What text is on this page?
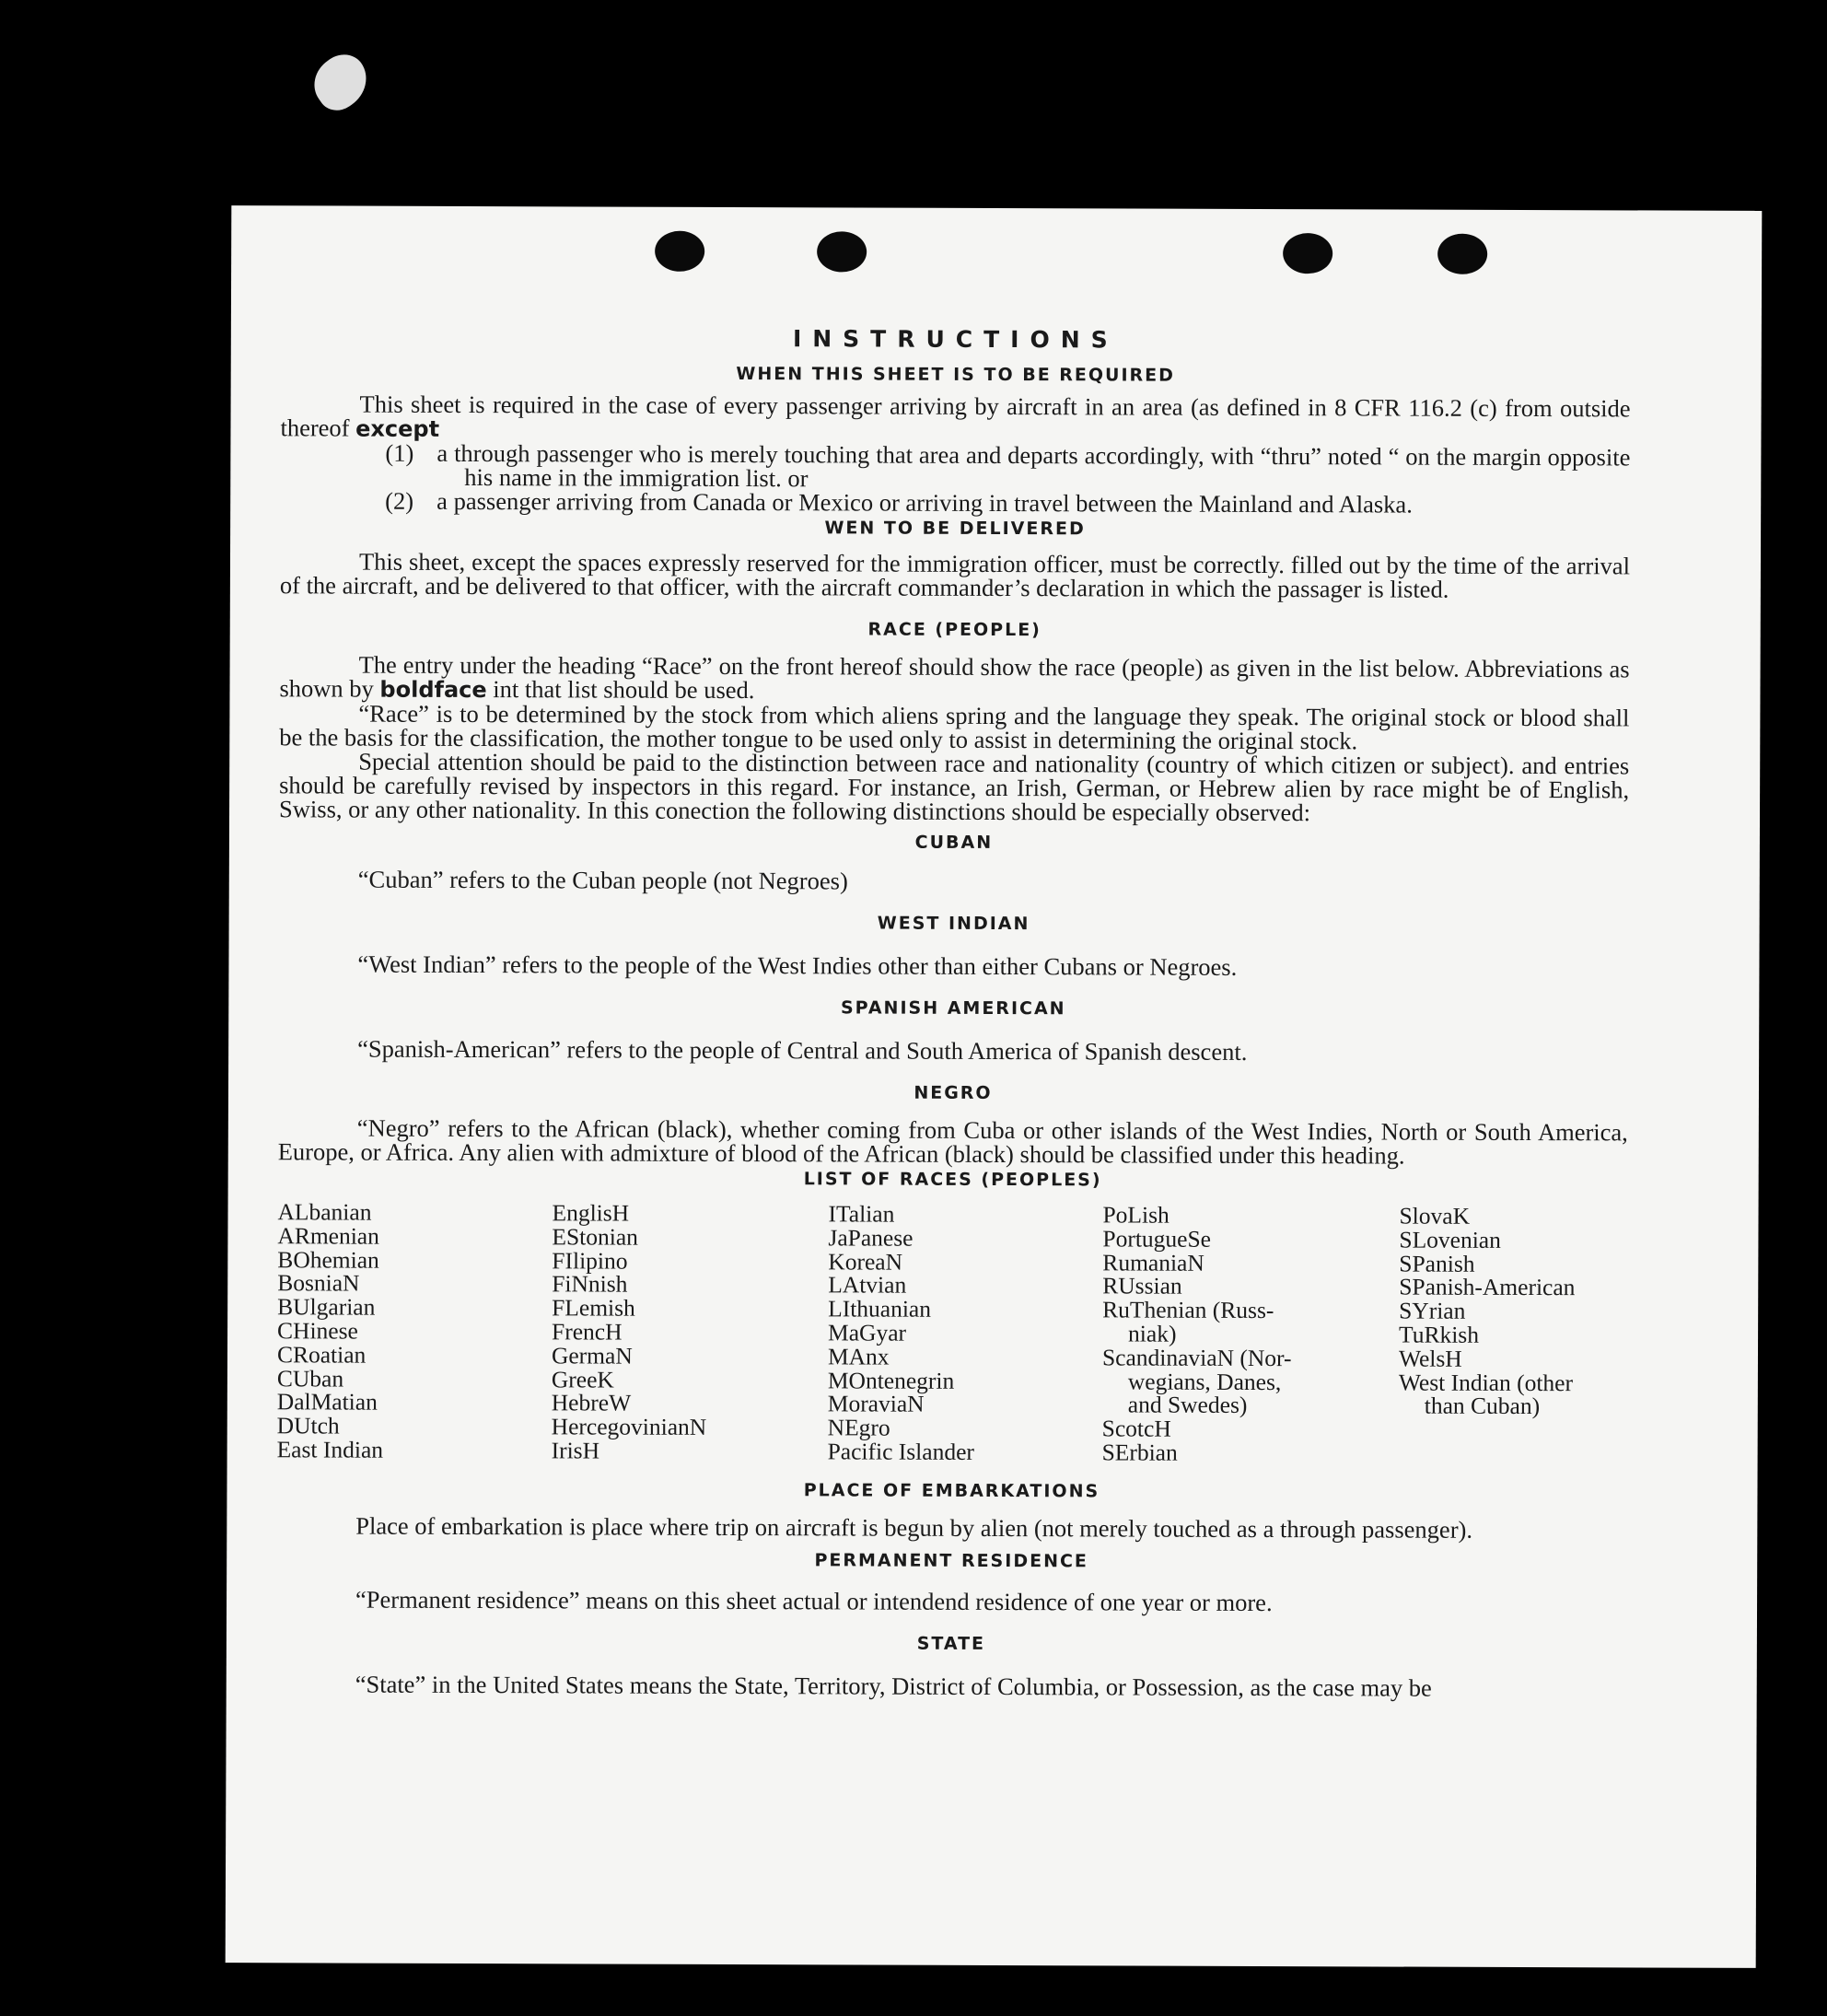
INSTRUCTIONS
WHEN THIS SHEET IS TO BE REQUIRED

This sheet is required in the case of every passenger arriving by aircraft in an area (as defined in 8 CFR 116.2 (c) from outside thereof except

(1) a through passenger who is merely touching that area and departs accordingly, with “thru” noted “ on the margin opposite his name in the immigration list. or
(2) a passenger arriving from Canada or Mexico or arriving in travel between the Mainland and Alaska.
WEN TO BE DELIVERED

This sheet, except the spaces expressly reserved for the immigration officer, must be correctly. filled out by the time of the arrival of the aircraft, and be delivered to that officer, with the aircraft commander’s declaration in which the passager is listed.

RACE (PEOPLE)

The entry under the heading “Race” on the front hereof should show the race (people) as given in the list below. Abbreviations as shown by boldface int that list should be used.

“Race” is to be determined by the stock from which aliens spring and the language they speak. The original stock or blood shall be the basis for the classification, the mother tongue to be used only to assist in determining the original stock.

Special attention should be paid to the distinction between race and nationality (country of which citizen or subject). and entries should be carefully revised by inspectors in this regard. For instance, an Irish, German, or Hebrew alien by race might be of English, Swiss, or any other nationality. In this conection the following distinctions should be especially observed:

CUBAN

“Cuban” refers to the Cuban people (not Negroes)

WEST INDIAN

“West Indian” refers to the people of the West Indies other than either Cubans or Negroes.

SPANISH AMERICAN

“Spanish-American” refers to the people of Central and South America of Spanish descent.

NEGRO

“Negro” refers to the African (black), whether coming from Cuba or other islands of the West Indies, North or South America, Europe, or Africa. Any alien with admixture of blood of the African (black) should be classified under this heading.

LIST OF RACES (PEOPLES)
ALbanian
ARmenian
BOhemian
BosniaN
BUlgarian
CHinese
CRoatian
CUban
DalMatian
DUtch
East Indian
EnglisH
EStonian
FIlipino
FiNnish
FLemish
FrencH
GermaN
GreeK
HebreW
HercegovinianN
IrisH
ITalian
JaPanese
KoreaN
LAtvian
LIthuanian
MaGyar
MAnx
MOntenegrin
MoraviaN
NEgro
Pacific Islander
PoLish
PortugueSe
RumaniaN
RUssian
RuThenian (Russ-
niak)
ScandinaviaN (Nor-
wegians, Danes,
and Swedes)
ScotcH
SErbian
SlovaK
SLovenian
SPanish
SPanish-American
SYrian
TuRkish
WelsH
West Indian (other
than Cuban)
PLACE OF EMBARKATIONS

Place of embarkation is place where trip on aircraft is begun by alien (not merely touched as a through passenger).

PERMANENT RESIDENCE

“Permanent residence” means on this sheet actual or intendend residence of one year or more.

STATE

“State” in the United States means the State, Territory, District of Columbia, or Possession, as the case may be
